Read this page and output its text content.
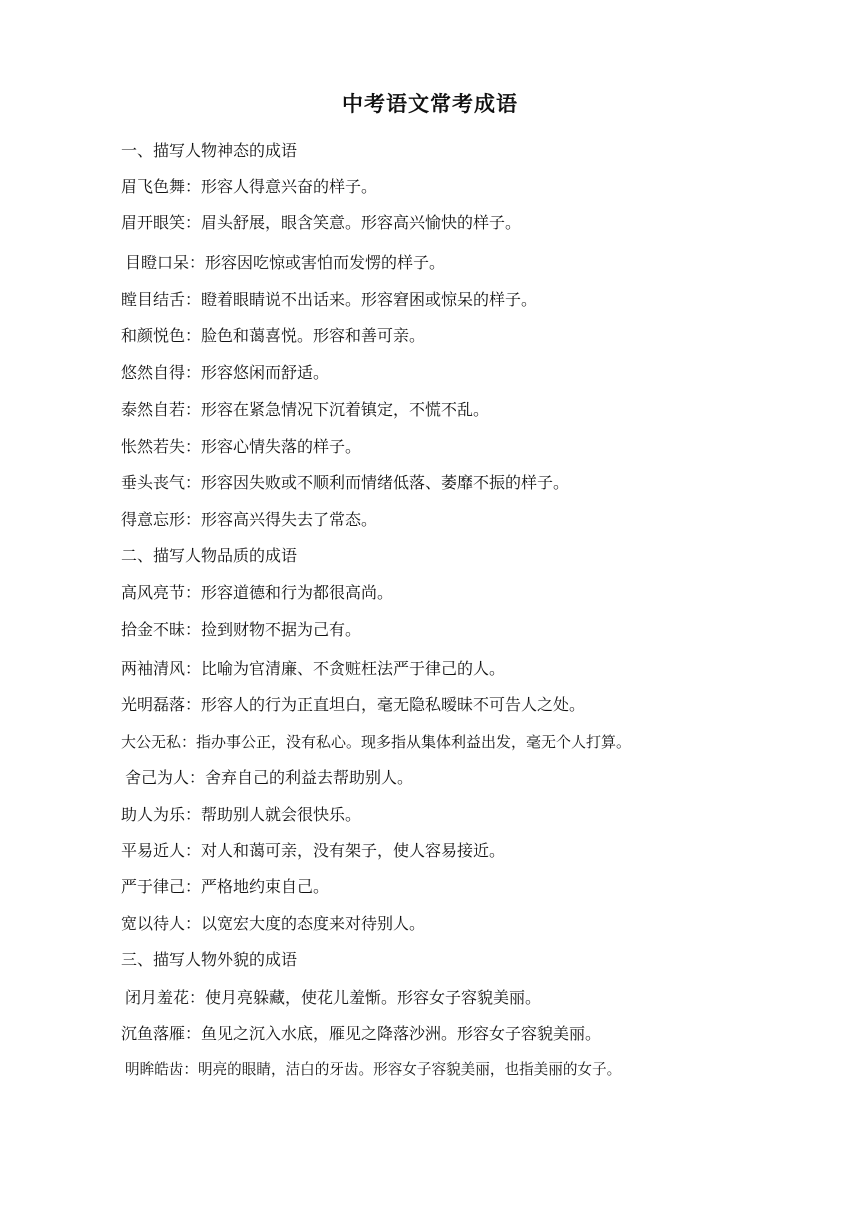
中考语文常考成语
一、描写人物神态的成语
眉飞色舞：形容人得意兴奋的样子。
眉开眼笑：眉头舒展，眼含笑意。形容高兴愉快的样子。
目瞪口呆：形容因吃惊或害怕而发愣的样子。
瞠目结舌：瞪着眼睛说不出话来。形容窘困或惊呆的样子。
和颜悦色：脸色和蔼喜悦。形容和善可亲。
悠然自得：形容悠闲而舒适。
泰然自若：形容在紧急情况下沉着镇定，不慌不乱。
怅然若失：形容心情失落的样子。
垂头丧气：形容因失败或不顺利而情绪低落、萎靡不振的样子。
得意忘形：形容高兴得失去了常态。
二、描写人物品质的成语
高风亮节：形容道德和行为都很高尚。
拾金不昧：捡到财物不据为己有。
两袖清风：比喻为官清廉、不贪赃枉法严于律己的人。
光明磊落：形容人的行为正直坦白，毫无隐私暧昧不可告人之处。
大公无私：指办事公正，没有私心。现多指从集体利益出发，毫无个人打算。
舍己为人：舍弃自己的利益去帮助别人。
助人为乐：帮助别人就会很快乐。
平易近人：对人和蔼可亲，没有架子，使人容易接近。
严于律己：严格地约束自己。
宽以待人：以宽宏大度的态度来对待别人。
三、描写人物外貌的成语
闭月羞花：使月亮躲藏，使花儿羞惭。形容女子容貌美丽。
沉鱼落雁：鱼见之沉入水底，雁见之降落沙洲。形容女子容貌美丽。
明眸皓齿：明亮的眼睛，洁白的牙齿。形容女子容貌美丽，也指美丽的女子。
